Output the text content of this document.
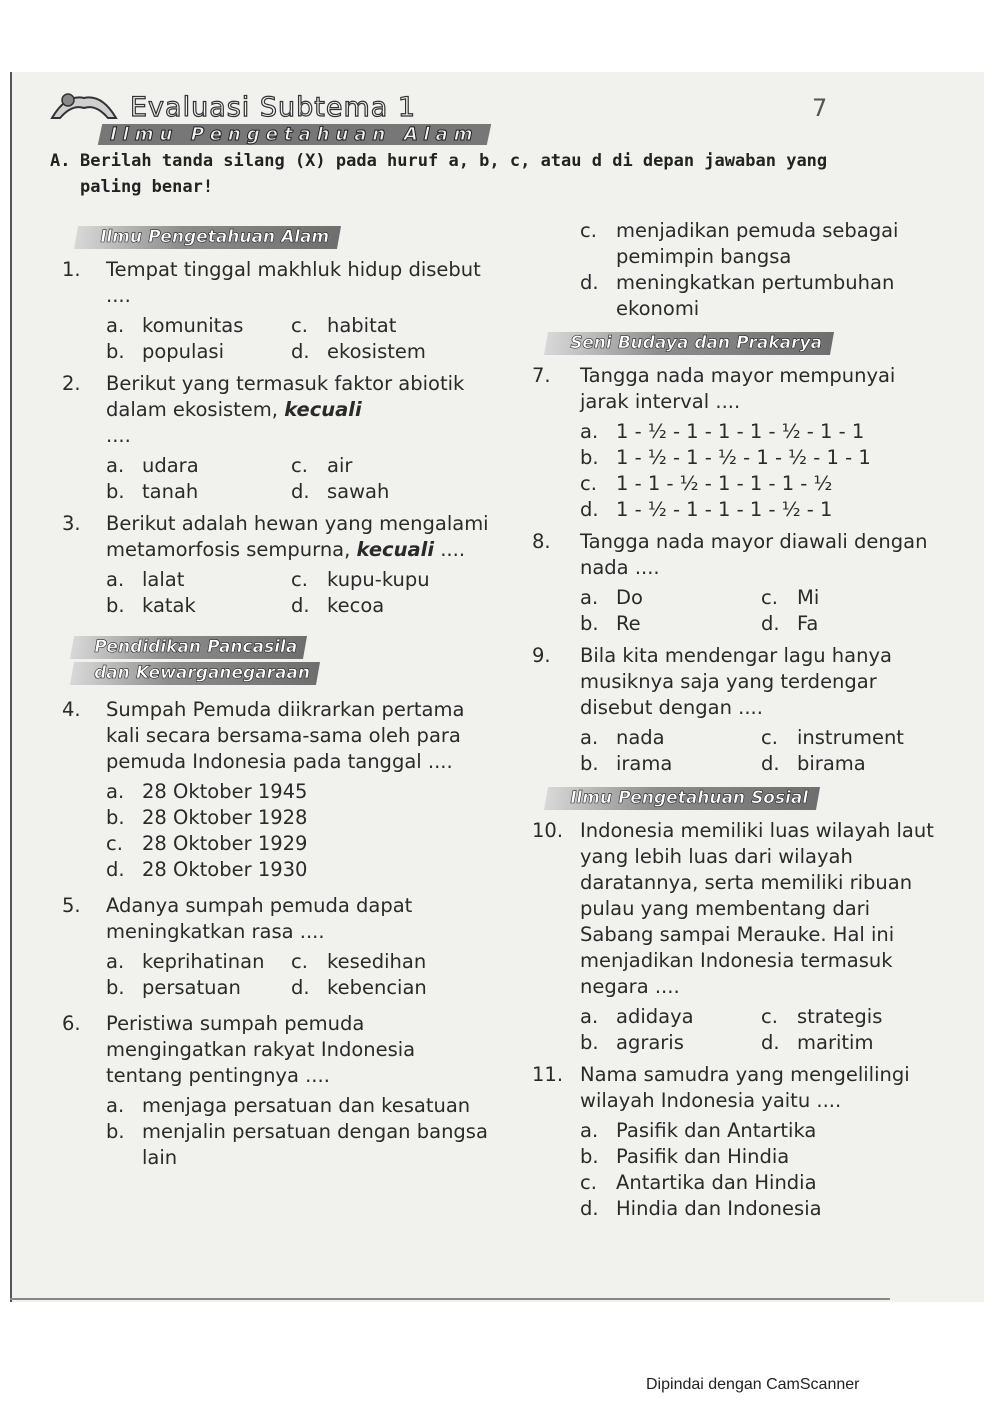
Evaluasi Subtema 1
Ilmu Pengetahuan Alam
7
A. Berilah tanda silang (X) pada huruf a, b, c, atau d di depan jawaban yang
paling benar!
Ilmu Pengetahuan Alam
1.	Tempat tinggal makhluk hidup disebut ....
a. komunitas c. habitat
b. populasi	d. ekosistem
2.	Berikut yang termasuk faktor abiotik dalam ekosistem, kecuali
....
a. udara	c. air
b. tanah	d. sawah
3.	Berikut adalah hewan yang mengalami metamorfosis sempurna, kecuali ....
a. lalat	c. kupu-kupu
b. katak	d. kecoa
Pendidikan Pancasila
dan Kewarganegaraan
4.	Sumpah Pemuda diikrarkan pertama kali secara bersama-sama oleh para pemuda Indonesia pada tanggal ....
a. 28 Oktober 1945
b. 28 Oktober 1928
c. 28 Oktober 1929
d. 28 Oktober 1930
5.	Adanya sumpah pemuda dapat meningkatkan rasa ....
a. keprihatinan c. kesedihan
b. persatuan	d. kebencian
6.	Peristiwa sumpah pemuda mengingatkan rakyat Indonesia tentang pentingnya ....
a. menjaga persatuan dan kesatuan
b. menjalin persatuan dengan bangsa lain
c. menjadikan pemuda sebagai pemimpin bangsa
d. meningkatkan pertumbuhan ekonomi
Seni Budaya dan Prakarya
7.	Tangga nada mayor mempunyai jarak interval ....
a. 1 - ½ - 1 - 1 - 1 - ½ - 1 - 1
b. 1 - ½ - 1 - ½ - 1 - ½ - 1 - 1
c. 1 - 1 - ½ - 1 - 1 - 1 - ½
d. 1 - ½ - 1 - 1 - 1 - ½ - 1
8.	Tangga nada mayor diawali dengan nada ....
a. Do	c. Mi
b. Re	d. Fa
9.	Bila kita mendengar lagu hanya musiknya saja yang terdengar disebut dengan ....
a. nada	c. instrument
b. irama	d. birama
Ilmu Pengetahuan Sosial
10. Indonesia memiliki luas wilayah laut yang lebih luas dari wilayah daratannya, serta memiliki ribuan pulau yang membentang dari Sabang sampai Merauke. Hal ini menjadikan Indonesia termasuk negara ....
a. adidaya	c. strategis
b. agraris	d. maritim
11. Nama samudra yang mengelilingi wilayah Indonesia yaitu ....
a. Pasifik dan Antartika
b. Pasifik dan Hindia
c. Antartika dan Hindia
d. Hindia dan Indonesia
Dipindai dengan CamScanner
